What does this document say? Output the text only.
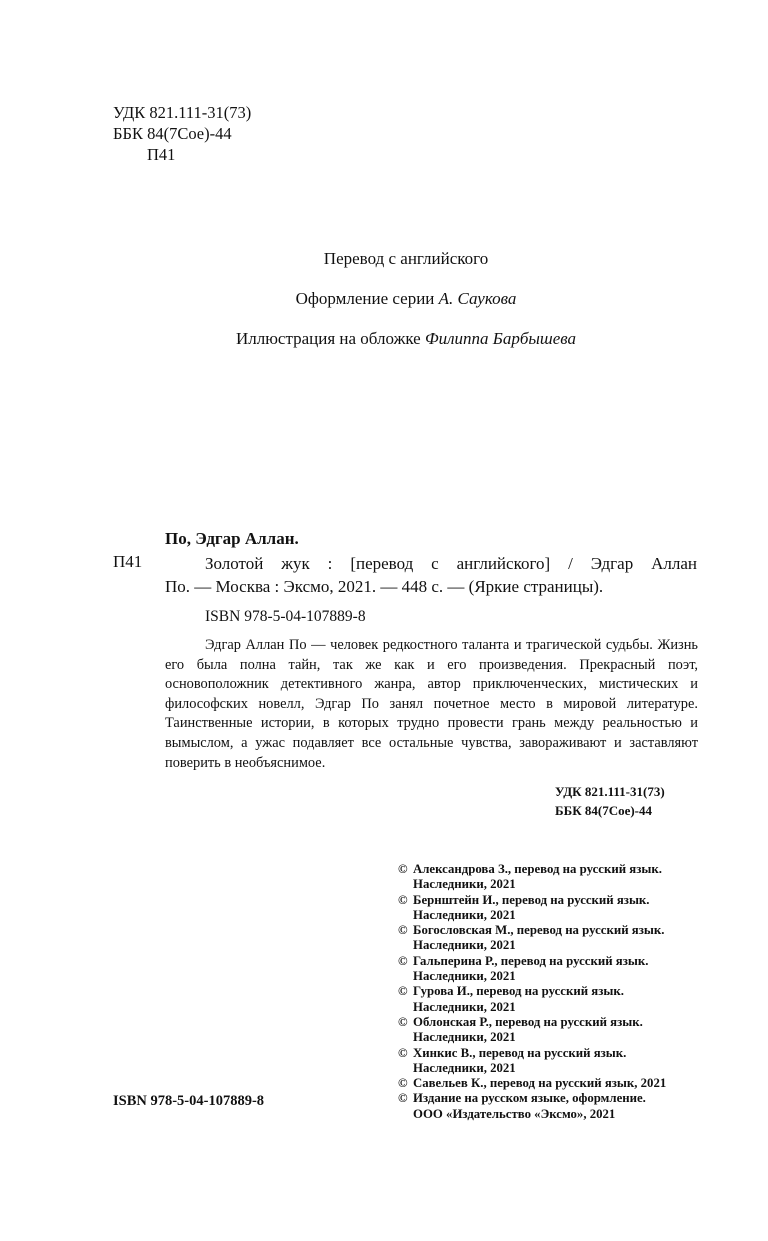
УДК 821.111-31(73)
ББК 84(7Сое)-44
П41
Перевод с английского
Оформление серии А. Саукова
Иллюстрация на обложке Филиппа Барбышева
По, Эдгар Аллан.
П41	Золотой жук : [перевод с английского] / Эдгар Аллан
По. — Москва : Эксмо, 2021. — 448 с. — (Яркие страницы).
ISBN 978-5-04-107889-8
Эдгар Аллан По — человек редкостного таланта и трагической судьбы. Жизнь его была полна тайн, так же как и его произведения. Прекрасный поэт, основоположник детективного жанра, автор приключенческих, мистических и философских новелл, Эдгар По занял почетное место в мировой литературе. Таинственные истории, в которых трудно провести грань между реальностью и вымыслом, а ужас подавляет все остальные чувства, завораживают и заставляют поверить в необъяснимое.
УДК 821.111-31(73)
ББК 84(7Сое)-44
© Александрова З., перевод на русский язык.
Наследники, 2021
© Бернштейн И., перевод на русский язык.
Наследники, 2021
© Богословская М., перевод на русский язык.
Наследники, 2021
© Гальперина Р., перевод на русский язык.
Наследники, 2021
© Гурова И., перевод на русский язык.
Наследники, 2021
© Облонская Р., перевод на русский язык.
Наследники, 2021
© Хинкис В., перевод на русский язык.
Наследники, 2021
© Савельев К., перевод на русский язык, 2021
© Издание на русском языке, оформление.
ООО «Издательство «Эксмо», 2021
ISBN 978-5-04-107889-8
